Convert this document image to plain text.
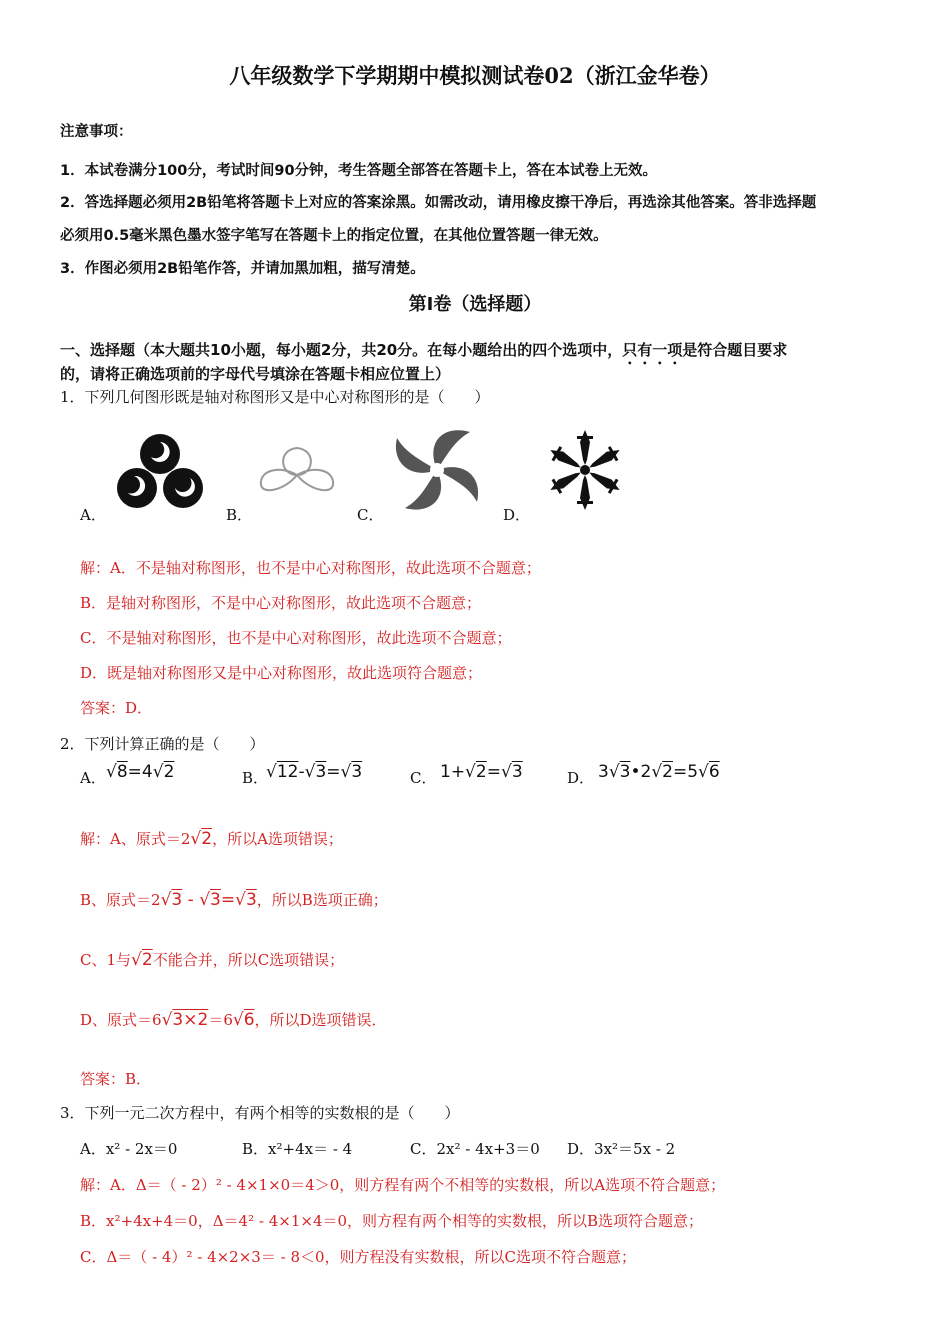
八年级数学下学期期中模拟测试卷02（浙江金华卷）
注意事项：
1．本试卷满分100分，考试时间90分钟，考生答题全部答在答题卡上，答在本试卷上无效。
2．答选择题必须用2B铅笔将答题卡上对应的答案涂黑。如需改动，请用橡皮擦干净后，再选涂其他答案。答非选择题
必须用0.5毫米黑色墨水签字笔写在答题卡上的指定位置，在其他位置答题一律无效。
3．作图必须用2B铅笔作答，并请加黑加粗，描写清楚。
第Ⅰ卷（选择题）
一、选择题（本大题共10小题，每小题2分，共20分。在每小题给出的四个选项中，只有一项是符合题目要求
的，请将正确选项前的字母代号填涂在答题卡相应位置上）
1．下列几何图形既是轴对称图形又是中心对称图形的是（　　）
A．	B．	C．	D．
解：A．不是轴对称图形，也不是中心对称图形，故此选项不合题意；
B．是轴对称图形，不是中心对称图形，故此选项不合题意；
C．不是轴对称图形，也不是中心对称图形，故此选项不合题意；
D．既是轴对称图形又是中心对称图形，故此选项符合题意；
答案：D．
2．下列计算正确的是（　　）
A． √8=4√2	B．
√12-√3=√3	C． 1+√2=√3	D． 3√3•2√2=5√6
解：A、原式＝2√2，所以A选项错误；
B、原式＝2√3 - √3=√3，所以B选项正确；
C、1与√2不能合并，所以C选项错误；
D、原式＝6√3×2＝6√6，所以D选项错误．
答案：B．
3．下列一元二次方程中，有两个相等的实数根的是（　　）
A．x² - 2x＝0	B．x²+4x＝ - 4	C．2x² - 4x+3＝0 D．3x²＝5x - 2
解：A．Δ＝（ - 2）² - 4×1×0＝4＞0，则方程有两个不相等的实数根，所以A选项不符合题意；
B．x²+4x+4＝0，Δ＝4² - 4×1×4＝0，则方程有两个相等的实数根，所以B选项符合题意；
C．Δ＝（ - 4）² - 4×2×3＝ - 8＜0，则方程没有实数根，所以C选项不符合题意；
